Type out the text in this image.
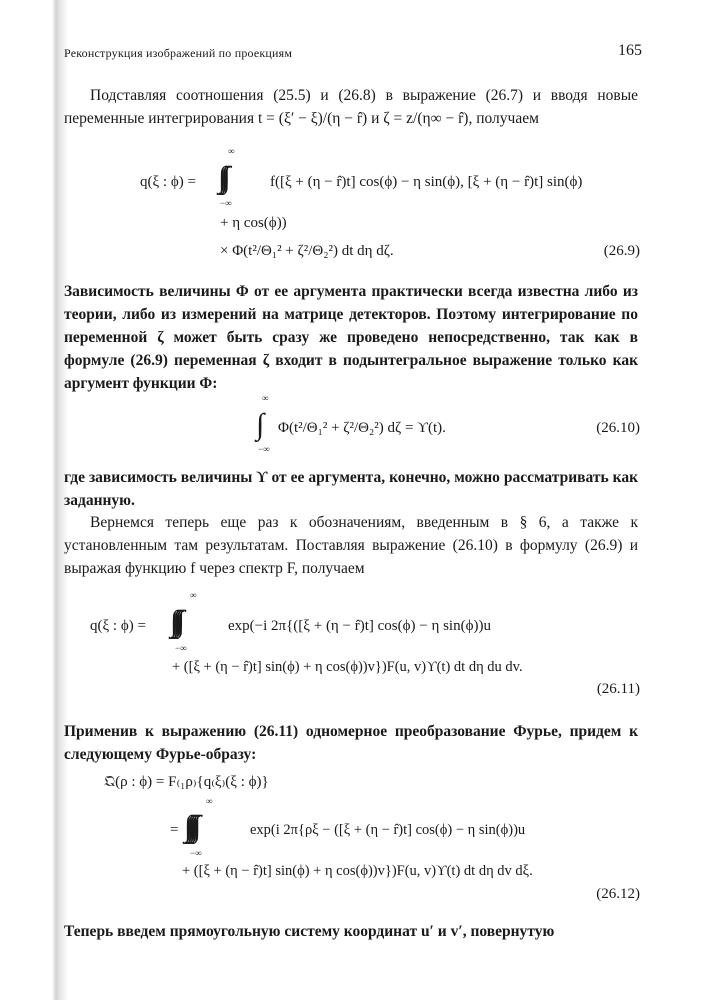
Реконструкция изображений по проекциям	165

Подставляя соотношения (25.5) и (26.8) в выражение (26.7) и вводя новые переменные интегрирования t = (ξ′ − ξ)/(η − r̂) и ζ = z/(η∞ − r̂), получаем

q(ξ : ϕ) =
∞
∫∫∫
−∞
f([ξ + (η − r̂)t] cos(ϕ) − η sin(ϕ), [ξ + (η − r̂)t] sin(ϕ)
+ η cos(ϕ))
× Φ(t²/Θ₁² + ζ²/Θ₂²) dt dη dζ.	(26.9)

Зависимость величины Φ от ее аргумента практически всегда известна либо из теории, либо из измерений на матрице детекторов. Поэтому интегрирование по переменной ζ может быть сразу же проведено непосредственно, так как в формуле (26.9) переменная ζ входит в подынтегральное выражение только как аргумент функции Φ:

∞
∫
−∞
Φ(t²/Θ₁² + ζ²/Θ₂²) dζ = ϒ(t).	(26.10)

где зависимость величины ϒ от ее аргумента, конечно, можно рассматривать как заданную.

Вернемся теперь еще раз к обозначениям, введенным в § 6, а также к установленным там результатам. Поставляя выражение (26.10) в формулу (26.9) и выражая функцию f через спектр F, получаем

q(ξ : ϕ) =
∞
∫∫∫∫
−∞
exp(−i 2π{([ξ + (η − r̂)t] cos(ϕ) − η sin(ϕ))u
+ ([ξ + (η − r̂)t] sin(ϕ) + η cos(ϕ))v})F(u, v)ϒ(t) dt dη du dv.
(26.11)

Применив к выражению (26.11) одномерное преобразование Фурье, придем к следующему Фурье-образу:

𝔔(ρ : ϕ) = F₍₁ρ₎{q₍ξ₎(ξ : ϕ)}
=
∞
∫∫∫∫∫
−∞
exp(i 2π{ρξ − ([ξ + (η − r̂)t] cos(ϕ) − η sin(ϕ))u
+ ([ξ + (η − r̂)t] sin(ϕ) + η cos(ϕ))v})F(u, v)ϒ(t) dt dη dv dξ.
(26.12)

Теперь введем прямоугольную систему координат u′ и v′, повернутую
